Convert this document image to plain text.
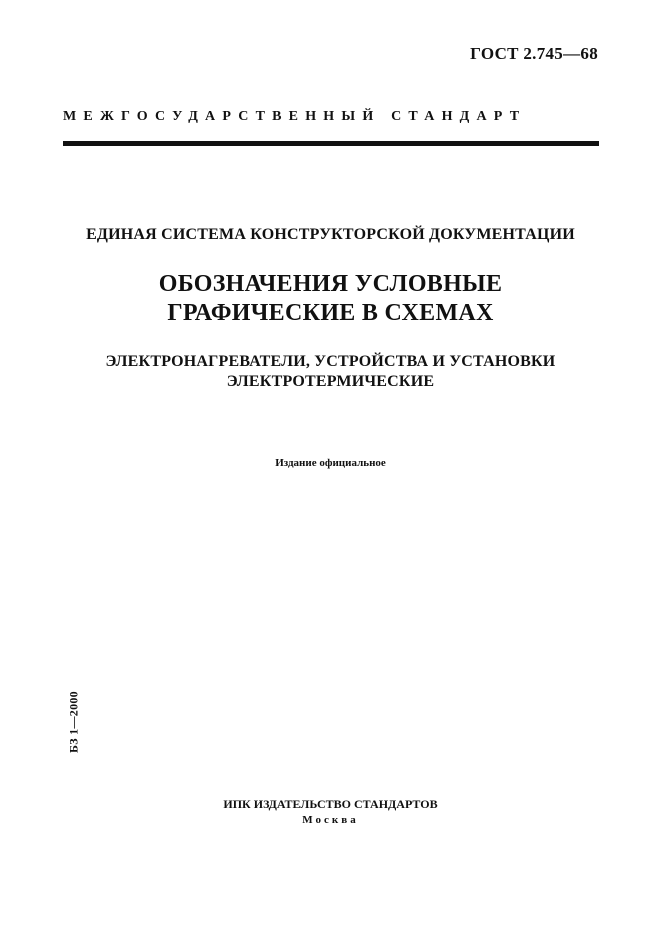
ГОСТ 2.745—68
МЕЖГОСУДАРСТВЕННЫЙ СТАНДАРТ
ЕДИНАЯ СИСТЕМА КОНСТРУКТОРСКОЙ ДОКУМЕНТАЦИИ
ОБОЗНАЧЕНИЯ УСЛОВНЫЕ
ГРАФИЧЕСКИЕ В СХЕМАХ
ЭЛЕКТРОНАГРЕВАТЕЛИ, УСТРОЙСТВА И УСТАНОВКИ
ЭЛЕКТРОТЕРМИЧЕСКИЕ
Издание официальное
БЗ 1—2000
ИПК ИЗДАТЕЛЬСТВО СТАНДАРТОВ
Москва
